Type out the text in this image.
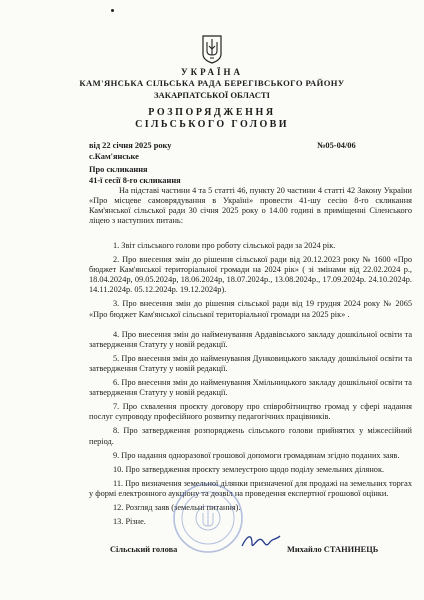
УКРАЇНА
КАМ'ЯНСЬКА СІЛЬСЬКА РАДА БЕРЕГІВСЬКОГО РАЙОНУ
ЗАКАРПАТСЬКОЇ ОБЛАСТІ
РОЗПОРЯДЖЕННЯ
СІЛЬСЬКОГО ГОЛОВИ
від 22 січня 2025 року	№05-04/06
с.Кам'янське
Про скликання
41-ї сесії 8-го скликання
На підставі частини 4 та 5 статті 46, пункту 20 частини 4 статті 42 Закону України «Про місцеве самоврядування в Україні» провести 41-шу сесію 8-го скликання Кам'янської сільської ради 30 січня 2025 року о 14.00 годині в приміщенні Сіленського ліцею з наступних питань:
1. Звіт сільського голови про роботу сільської ради за 2024 рік.
2. Про внесення змін до рішення сільської ради від 20.12.2023 року № 1600 «Про бюджет Кам'янської територіальної громади на 2024 рік» ( зі змінами від 22.02.2024 р., 18.04.2024р, 09.05.2024р, 18.06.2024р, 18.07.2024р., 13.08.2024р., 17.09.2024р. 24.10.2024р. 14.11.2024р. 05.12.2024р. 19.12.2024р).
3. Про внесення змін до рішення сільської ради від 19 грудня 2024 року № 2065 «Про бюджет Кам'янської сільської територіальної громади на 2025 рік» .
4. Про внесення змін до найменування Ардавівського закладу дошкільної освіти та затвердження Статуту у новій редакції.
5. Про внесення змін до найменування Дунковицького закладу дошкільної освіти та затвердження Статуту у новій редакції.
6. Про внесення змін до найменування Хмільницького закладу дошкільної освіти та затвердження Статуту у новій редакції.
7. Про схвалення проєкту договору про співробітництво громад у сфері надання послуг супроводу професійного розвитку педагогічних працівників.
8. Про затвердження розпоряджень сільського голови прийнятих у міжсесійний період.
9. Про надання одноразової грошової допомоги громадянам згідно поданих заяв.
10. Про затвердження проєкту землеустрою щодо поділу земельних ділянок.
11. Про визначення земельної ділянки призначеної для продажі на земельних торгах у формі електронного аукціону та дозвіл на проведення експертної грошової оцінки.
12. Розгляд заяв (земельні питання).
13. Різне.
Сільський голова	Михайло СТАНИНЕЦЬ
